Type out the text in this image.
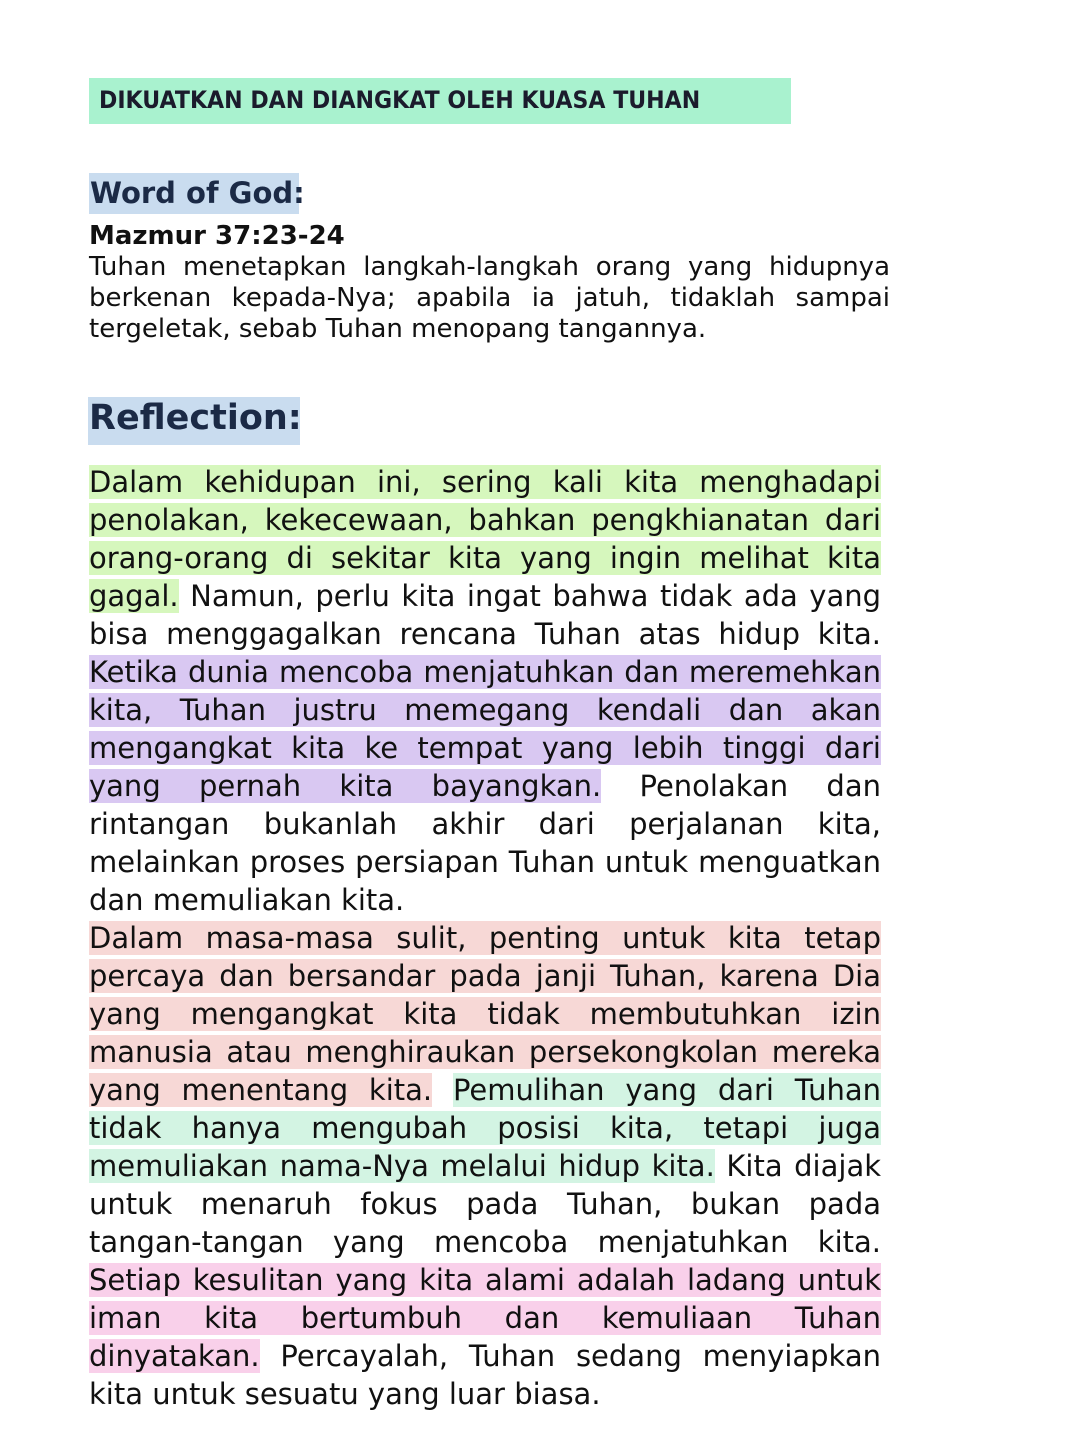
DIKUATKAN DAN DIANGKAT OLEH KUASA TUHAN
Word of God:
Mazmur 37:23-24

Tuhan menetapkan langkah-langkah orang yang hidupnya berkenan kepada-Nya; apabila ia jatuh, tidaklah sampai tergeletak, sebab Tuhan menopang tangannya.

Reflection:

Dalam kehidupan ini, sering kali kita menghadapi penolakan, kekecewaan, bahkan pengkhianatan dari orang-orang di sekitar kita yang ingin melihat kita gagal. Namun, perlu kita ingat bahwa tidak ada yang bisa menggagalkan rencana Tuhan atas hidup kita. Ketika dunia mencoba menjatuhkan dan meremehkan kita, Tuhan justru memegang kendali dan akan mengangkat kita ke tempat yang lebih tinggi dari yang pernah kita bayangkan. Penolakan dan rintangan bukanlah akhir dari perjalanan kita, melainkan proses persiapan Tuhan untuk menguatkan dan memuliakan kita.

Dalam masa-masa sulit, penting untuk kita tetap percaya dan bersandar pada janji Tuhan, karena Dia yang mengangkat kita tidak membutuhkan izin manusia atau menghiraukan persekongkolan mereka yang menentang kita. Pemulihan yang dari Tuhan tidak hanya mengubah posisi kita, tetapi juga memuliakan nama-Nya melalui hidup kita. Kita diajak untuk menaruh fokus pada Tuhan, bukan pada tangan-tangan yang mencoba menjatuhkan kita. Setiap kesulitan yang kita alami adalah ladang untuk iman kita bertumbuh dan kemuliaan Tuhan dinyatakan. Percayalah, Tuhan sedang menyiapkan kita untuk sesuatu yang luar biasa.
